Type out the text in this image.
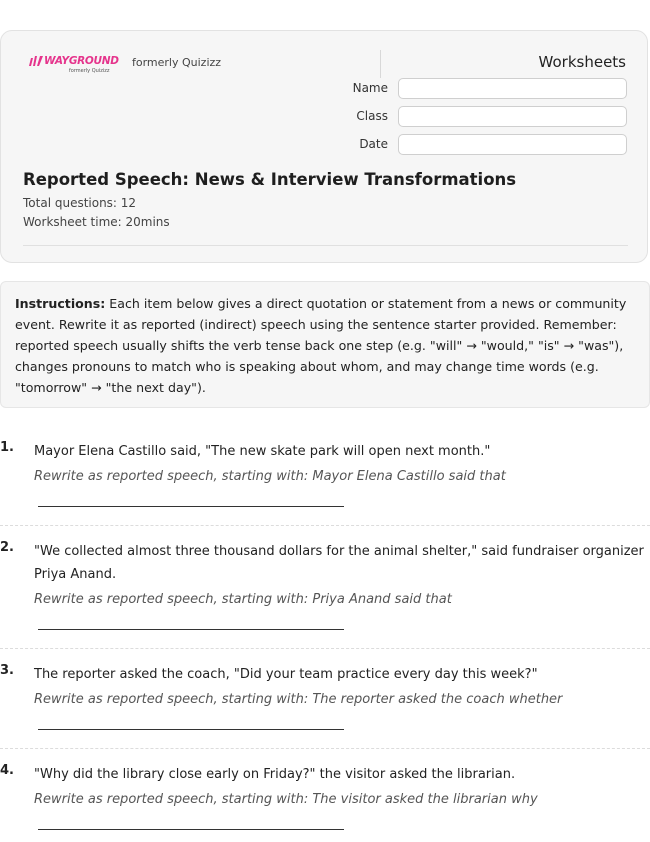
WAYGROUND
formerly Quizizz
formerly Quizizz	Worksheets
Name
Class
Date
Reported Speech: News & Interview Transformations
Total questions: 12
Worksheet time: 20mins
Instructions: Each item below gives a direct quotation or statement from a news or community event. Rewrite it as reported (indirect) speech using the sentence starter provided. Remember: reported speech usually shifts the verb tense back one step (e.g. "will" → "would," "is" → "was"), changes pronouns to match who is speaking about whom, and may change time words (e.g. "tomorrow" → "the next day").
1. Mayor Elena Castillo said, "The new skate park will open next month."
Rewrite as reported speech, starting with: Mayor Elena Castillo said that
2. "We collected almost three thousand dollars for the animal shelter," said fundraiser organizer Priya Anand.
Rewrite as reported speech, starting with: Priya Anand said that
3. The reporter asked the coach, "Did your team practice every day this week?"
Rewrite as reported speech, starting with: The reporter asked the coach whether
4. "Why did the library close early on Friday?" the visitor asked the librarian.
Rewrite as reported speech, starting with: The visitor asked the librarian why
